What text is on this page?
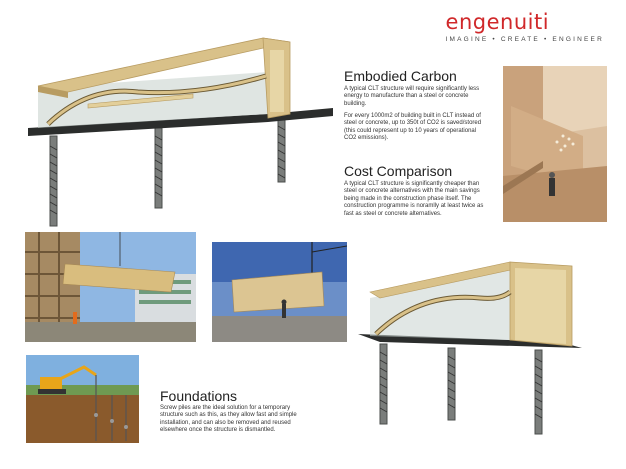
engenuiti
IMAGINE • CREATE • ENGINEER
Embodied Carbon
A typical CLT structure will require significantly less energy to manufacture than a steel or concrete building.
For every 1000m2 of building built in CLT instead of steel or concrete, up to 350t of CO2 is saved/stored (this could represent up to 10 years of operational CO2 emissions).
Cost Comparison
A typical CLT structure is significantly cheaper than steel or concrete alternatives with the main savings being made in the construction phase itself. The construction programme is noramlly at least twice as fast as steel or concrete alternatives.
Foundations
Screw piles are the ideal solution for a temporary structure such as this, as they allow fast and simple installation, and can also be removed and reused elsewhere once the structure is dismantled.
